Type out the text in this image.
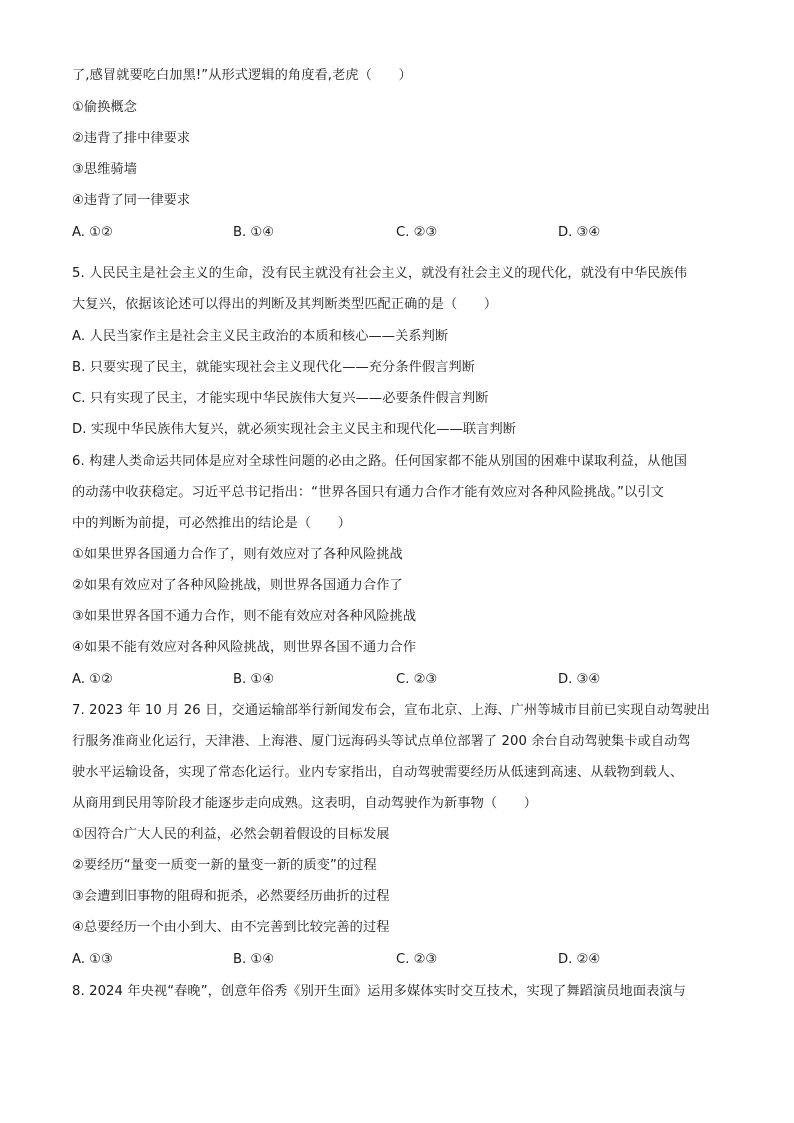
了,感冒就要吃白加黑!”从形式逻辑的角度看,老虎（　　）
①偷换概念
②违背了排中律要求
③思维骑墙
④违背了同一律要求
A. ①②	B. ①④	C. ②③	D. ③④
5. 人民民主是社会主义的生命，没有民主就没有社会主义，就没有社会主义的现代化，就没有中华民族伟
大复兴，依据该论述可以得出的判断及其判断类型匹配正确的是（　　）
A. 人民当家作主是社会主义民主政治的本质和核心——关系判断
B. 只要实现了民主，就能实现社会主义现代化——充分条件假言判断
C. 只有实现了民主，才能实现中华民族伟大复兴——必要条件假言判断
D. 实现中华民族伟大复兴，就必须实现社会主义民主和现代化——联言判断
6. 构建人类命运共同体是应对全球性问题的必由之路。任何国家都不能从别国的困难中谋取利益，从他国
的动荡中收获稳定。习近平总书记指出：“世界各国只有通力合作才能有效应对各种风险挑战。”以引文
中的判断为前提，可必然推出的结论是（　　）
①如果世界各国通力合作了，则有效应对了各种风险挑战
②如果有效应对了各种风险挑战，则世界各国通力合作了
③如果世界各国不通力合作，则不能有效应对各种风险挑战
④如果不能有效应对各种风险挑战，则世界各国不通力合作
A. ①②	B. ①④	C. ②③	D. ③④
7. 2023 年 10 月 26 日，交通运输部举行新闻发布会，宣布北京、上海、广州等城市目前已实现自动驾驶出
行服务准商业化运行，天津港、上海港、厦门远海码头等试点单位部署了 200 余台自动驾驶集卡或自动驾
驶水平运输设备，实现了常态化运行。业内专家指出，自动驾驶需要经历从低速到高速、从载物到载人、
从商用到民用等阶段才能逐步走向成熟。这表明，自动驾驶作为新事物（　　）
①因符合广大人民的利益，必然会朝着假设的目标发展
②要经历“量变一质变一新的量变一新的质变”的过程
③会遭到旧事物的阻碍和扼杀，必然要经历曲折的过程
④总要经历一个由小到大、由不完善到比较完善的过程
A. ①③	B. ①④	C. ②③	D. ②④
8. 2024 年央视“春晚”，创意年俗秀《别开生面》运用多媒体实时交互技术，实现了舞蹈演员地面表演与
